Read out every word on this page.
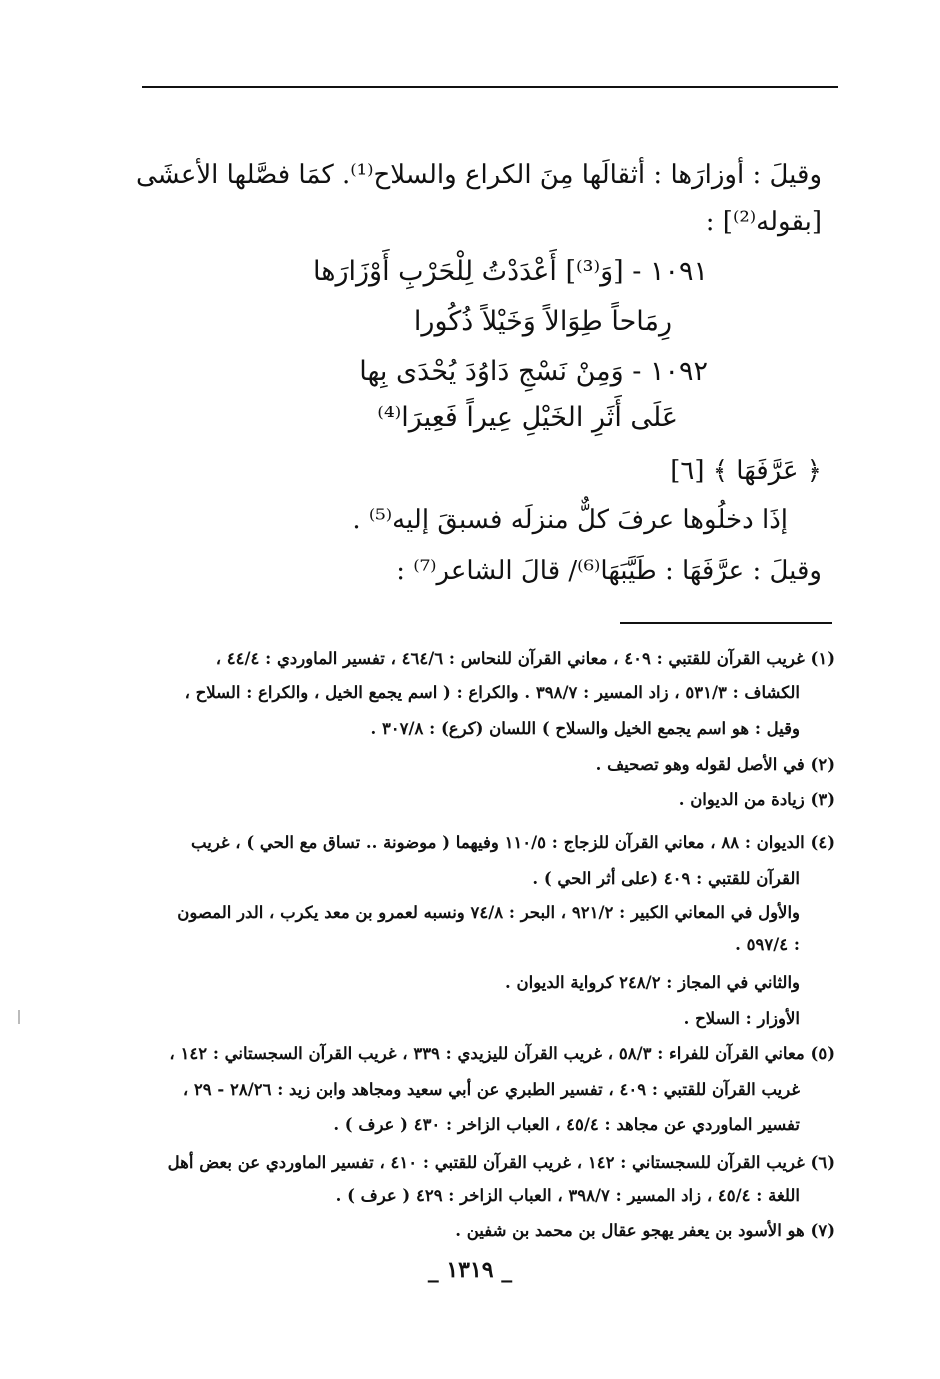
وقيلَ : أوزارَها : أثقالَها مِنَ الكراع والسلاح⁽¹⁾. كمَا فصَّلها الأعشَى
[بقوله⁽²⁾] :
١٠٩١ - [وَ⁽³⁾] أَعْدَدْتُ لِلْحَرْبِ أَوْزَارَها
رِمَاحاً طِوَالاً وَخَيْلاً ذُكُورا
١٠٩٢ - وَمِنْ نَسْجِ دَاوُدَ يُحْدَى بِها
عَلَى أَثَرِ الخَيْلِ عِيراً فَعِيرَا⁽⁴⁾
﴿ عَرَّفَهَا ﴾ [٦]
إذَا دخلُوها عرفَ كلٌّ منزلَه فسبقَ إليه⁽⁵⁾ .
وقيلَ : عرَّفَهَا : طَيَّبَهَا⁽⁶⁾/ قالَ الشاعر⁽⁷⁾ :
(١) غريب القرآن للقتبي : ٤٠٩ ، معاني القرآن للنحاس : ٤٦٤/٦ ، تفسير الماوردي : ٤٤/٤ ،
الكشاف : ٥٣١/٣ ، زاد المسير : ٣٩٨/٧ . والكراع : ( اسم يجمع الخيل ، والكراع : السلاح ،
وقيل : هو اسم يجمع الخيل والسلاح ) اللسان (كرع) : ٣٠٧/٨ .
(٢) في الأصل لقوله وهو تصحيف .
(٣) زيادة من الديوان .
(٤) الديوان : ٨٨ ، معاني القرآن للزجاج : ١١٠/٥ وفيهما ( موضونة .. تساق مع الحي ) ، غريب
القرآن للقتبي : ٤٠٩ (على أثر الحي ) .
والأول في المعاني الكبير : ٩٢١/٢ ، البحر : ٧٤/٨ ونسبه لعمرو بن معد يكرب ، الدر المصون
: ٥٩٧/٤ .
والثاني في المجاز : ٢٤٨/٢ كرواية الديوان .
الأوزار : السلاح .
(٥) معاني القرآن للفراء : ٥٨/٣ ، غريب القرآن لليزيدي : ٣٣٩ ، غريب القرآن السجستاني : ١٤٢ ،
غريب القرآن للقتبي : ٤٠٩ ، تفسير الطبري عن أبي سعيد ومجاهد وابن زيد : ٢٨/٢٦ - ٢٩ ،
تفسير الماوردي عن مجاهد : ٤٥/٤ ، العباب الزاخر : ٤٣٠ ( عرف ) .
(٦) غريب القرآن للسجستاني : ١٤٢ ، غريب القرآن للقتبي : ٤١٠ ، تفسير الماوردي عن بعض أهل
اللغة : ٤٥/٤ ، زاد المسير : ٣٩٨/٧ ، العباب الزاخر : ٤٢٩ ( عرف ) .
(٧) هو الأسود بن يعفر يهجو عقال بن محمد بن شفين .
_ ١٣١٩ _
